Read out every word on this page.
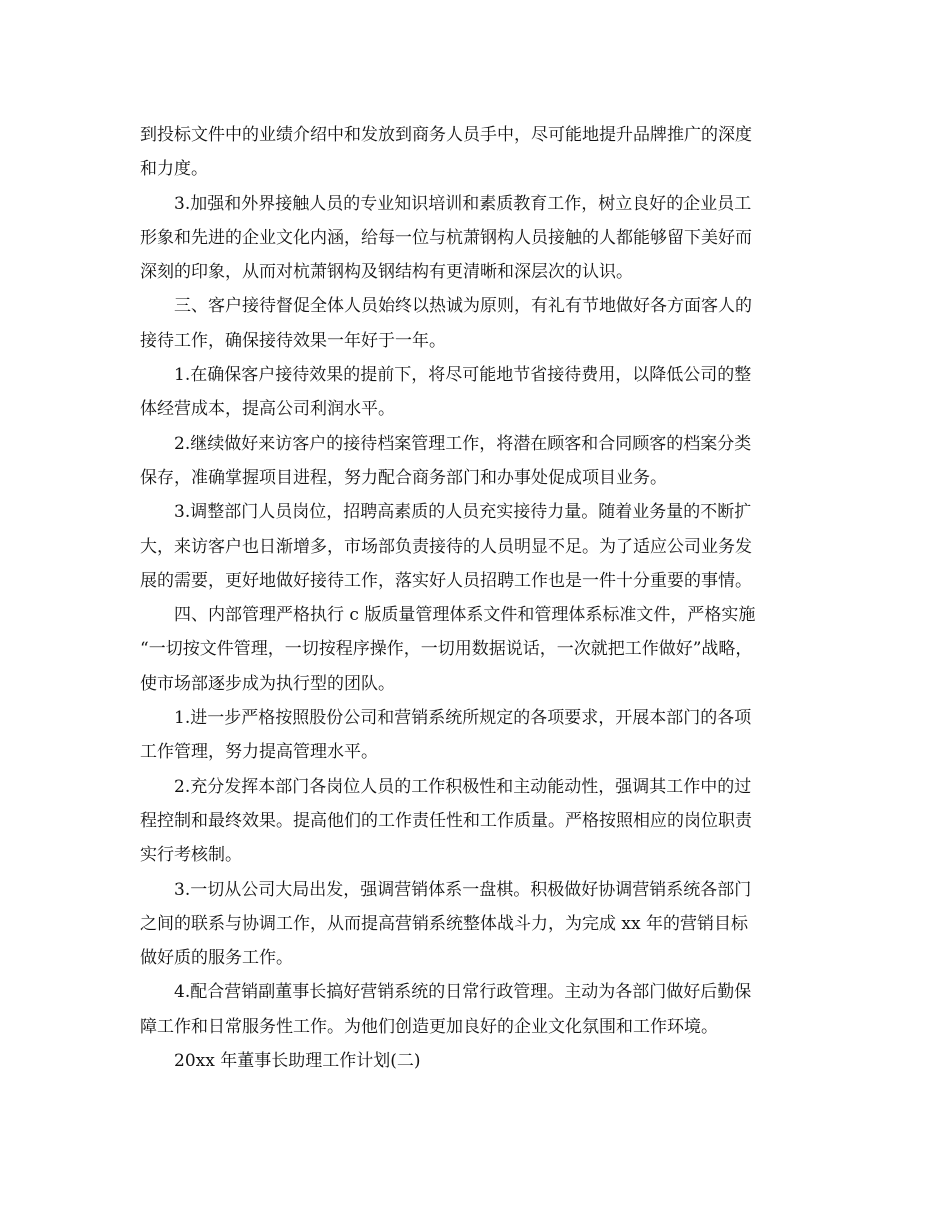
到投标文件中的业绩介绍中和发放到商务人员手中，尽可能地提升品牌推广的深度
和力度。

3.加强和外界接触人员的专业知识培训和素质教育工作，树立良好的企业员工
形象和先进的企业文化内涵，给每一位与杭萧钢构人员接触的人都能够留下美好而
深刻的印象，从而对杭萧钢构及钢结构有更清晰和深层次的认识。

三、客户接待督促全体人员始终以热诚为原则，有礼有节地做好各方面客人的
接待工作，确保接待效果一年好于一年。

1.在确保客户接待效果的提前下，将尽可能地节省接待费用，以降低公司的整
体经营成本，提高公司利润水平。

2.继续做好来访客户的接待档案管理工作，将潜在顾客和合同顾客的档案分类
保存，准确掌握项目进程，努力配合商务部门和办事处促成项目业务。

3.调整部门人员岗位，招聘高素质的人员充实接待力量。随着业务量的不断扩
大，来访客户也日渐增多，市场部负责接待的人员明显不足。为了适应公司业务发
展的需要，更好地做好接待工作，落实好人员招聘工作也是一件十分重要的事情。

四、内部管理严格执行 c 版质量管理体系文件和管理体系标准文件，严格实施
“一切按文件管理，一切按程序操作，一切用数据说话，一次就把工作做好”战略，
使市场部逐步成为执行型的团队。

1.进一步严格按照股份公司和营销系统所规定的各项要求，开展本部门的各项
工作管理，努力提高管理水平。

2.充分发挥本部门各岗位人员的工作积极性和主动能动性，强调其工作中的过
程控制和最终效果。提高他们的工作责任性和工作质量。严格按照相应的岗位职责
实行考核制。

3.一切从公司大局出发，强调营销体系一盘棋。积极做好协调营销系统各部门
之间的联系与协调工作，从而提高营销系统整体战斗力，为完成 xx 年的营销目标
做好质的服务工作。

4.配合营销副董事长搞好营销系统的日常行政管理。主动为各部门做好后勤保
障工作和日常服务性工作。为他们创造更加良好的企业文化氛围和工作环境。

20xx 年董事长助理工作计划(二)
